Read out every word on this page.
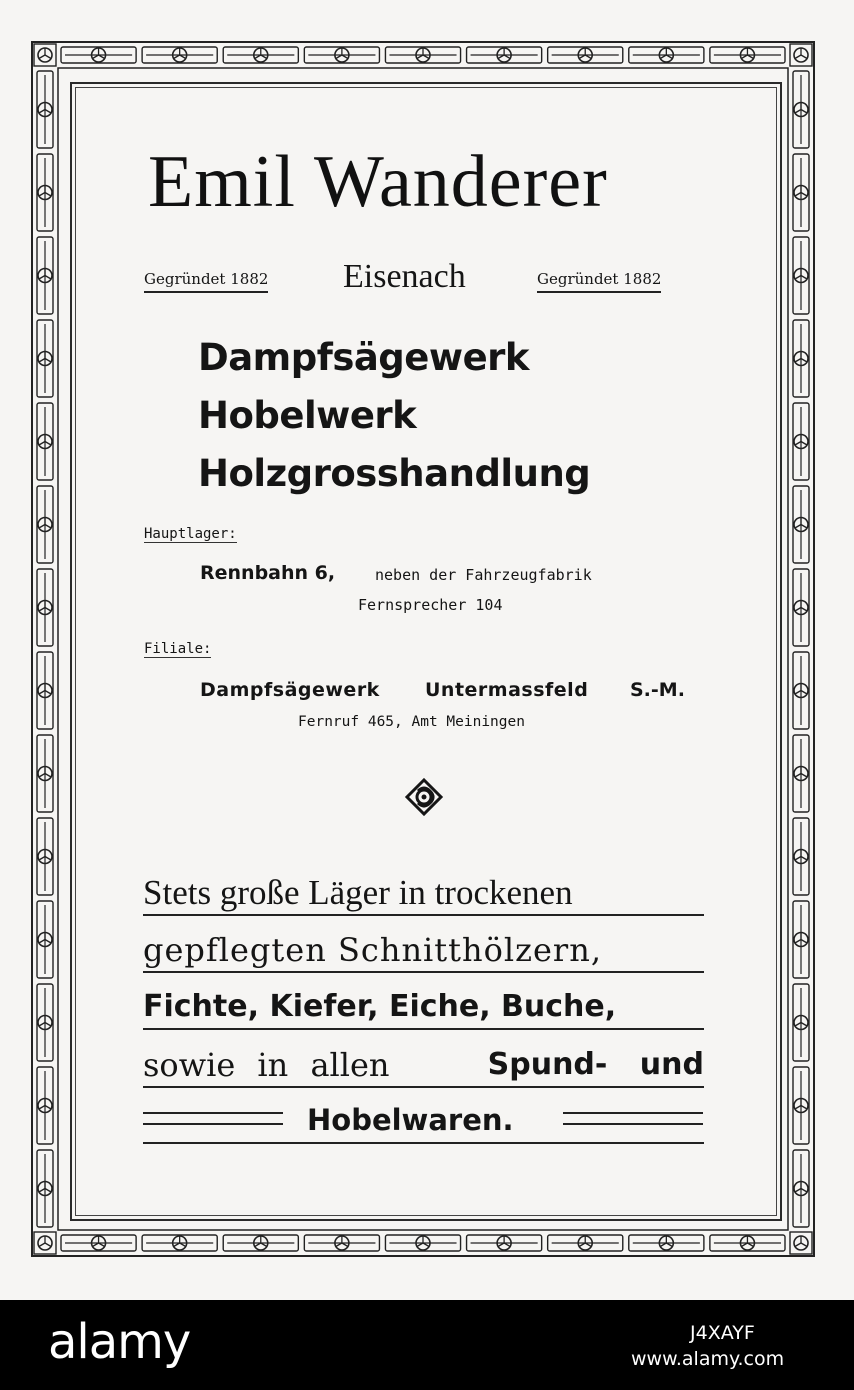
Emil Wanderer
Gegründet 1882 Eisenach	Gegründet 1882
Dampfsägewerk
Hobelwerk
Holzgrosshandlung
Hauptlager:
Rennbahn 6,	neben der Fahrzeugfabrik
Fernsprecher 104
Filiale:
Dampfsägewerk Untermassfeld S.-M.
Fernruf 465, Amt Meiningen
Stets große Läger in trockenen
gepflegten Schnitthölzern,
Fichte, Kiefer, Eiche, Buche,
sowie in allen	Spund- und
Hobelwaren.
alamy	J4XAYF
www.alamy.com
